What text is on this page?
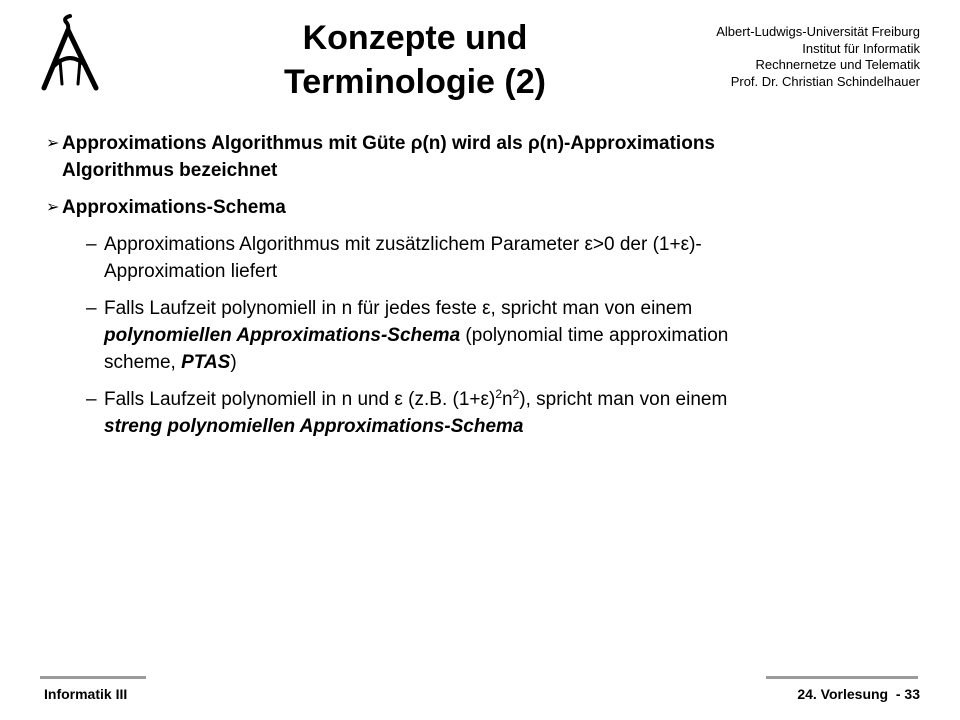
Konzepte und
Terminologie (2)
Albert-Ludwigs-Universität Freiburg
Institut für Informatik
Rechnernetze und Telematik
Prof. Dr. Christian Schindelhauer
➢ Approximations Algorithmus mit Güte ρ(n) wird als ρ(n)-Approximations
Algorithmus bezeichnet
➢ Approximations-Schema
– Approximations Algorithmus mit zusätzlichem Parameter ε>0 der (1+ε)-
Approximation liefert
– Falls Laufzeit polynomiell in n für jedes feste ε, spricht man von einem
polynomiellen Approximations-Schema (polynomial time approximation
scheme, PTAS)
– Falls Laufzeit polynomiell in n und ε (z.B. $(1+\varepsilon)^2n^2$), spricht man von einem
streng polynomiellen Approximations-Schema
Informatik III	24. Vorlesung  - 33
